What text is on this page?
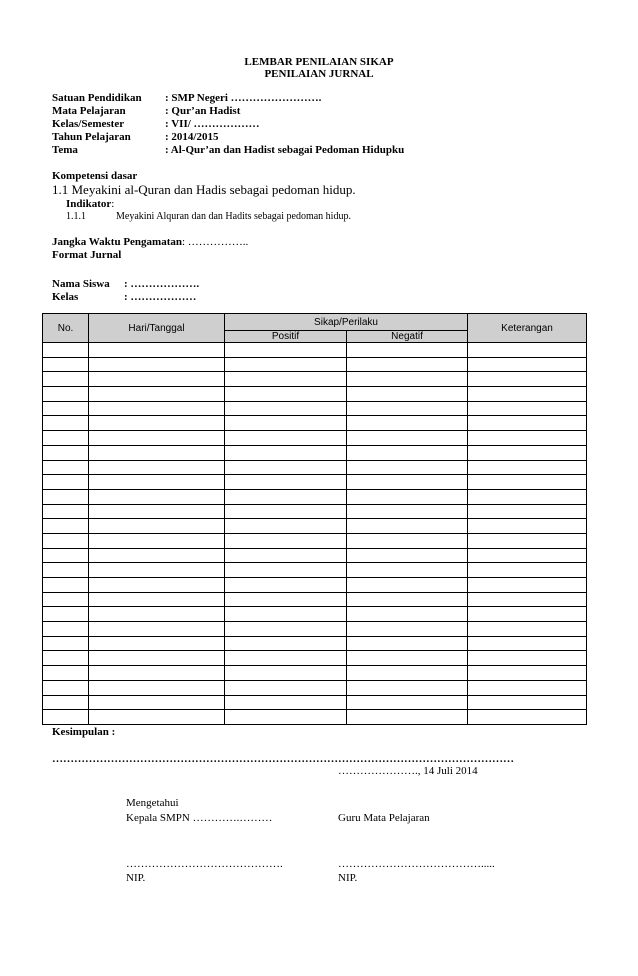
LEMBAR PENILAIAN SIKAP
PENILAIAN JURNAL
Satuan Pendidikan : SMP Negeri …………………….
Mata Pelajaran	: Qur’an Hadist
Kelas/Semester	: VII/ ………………
Tahun Pelajaran	: 2014/2015
Tema	: Al-Qur’an dan Hadist sebagai Pedoman Hidupku
Kompetensi dasar
1.1 Meyakini al-Quran dan Hadis sebagai pedoman hidup.
Indikator:
1.1.1	Meyakini Alquran dan dan Hadits sebagai pedoman hidup.
Jangka Waktu Pengamatan: ……………..
Format Jurnal
Nama Siswa : ……………….
Kelas	: ………………
No.	Hari/Tanggal	Sikap/Perilaku		Keterangan
		Positif	Negatif	

Kesimpulan :
………………………………………………………………………………………………………………
…………………., 14 Juli 2014
Mengetahui
Kepala SMPN ………….………	Guru Mata Pelajaran
…………………………………….	………………………………….....
NIP.	NIP.
